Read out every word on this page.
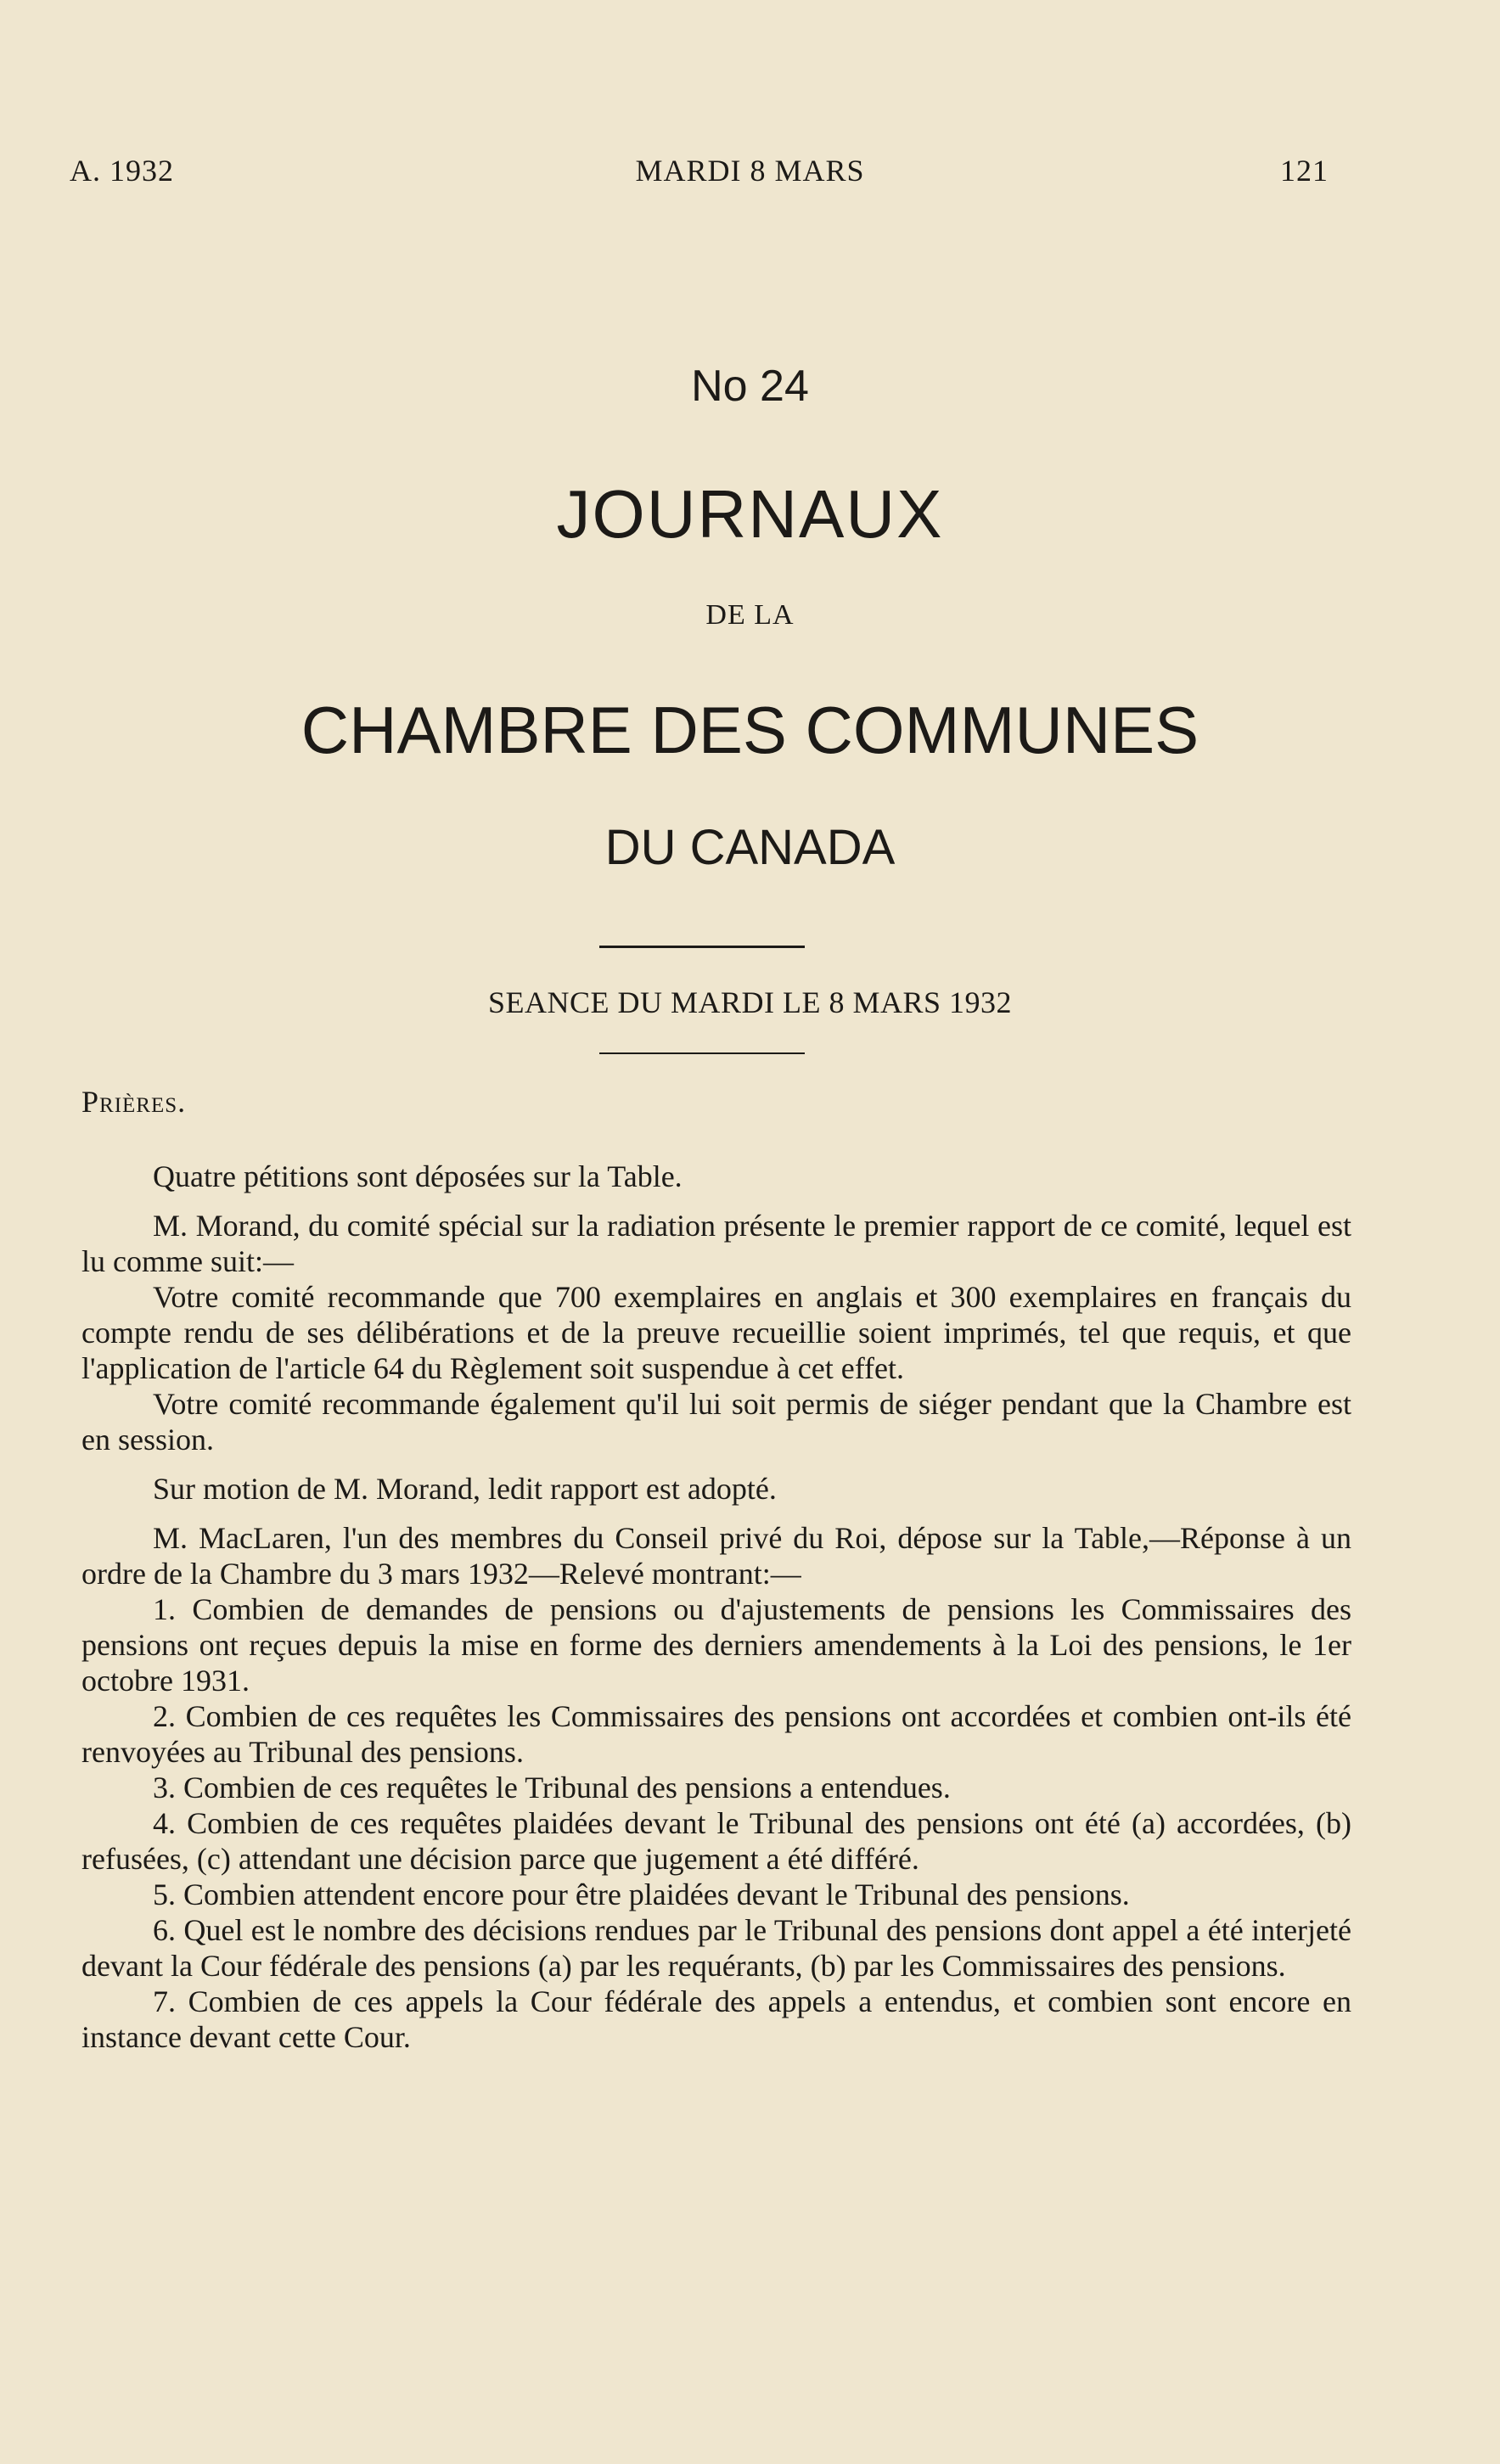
A. 1932	MARDI 8 MARS	121
No 24
JOURNAUX
DE LA
CHAMBRE DES COMMUNES
DU CANADA
SEANCE DU MARDI LE 8 MARS 1932
Prières.

Quatre pétitions sont déposées sur la Table.

M. Morand, du comité spécial sur la radiation présente le premier rapport de ce comité, lequel est lu comme suit:—

Votre comité recommande que 700 exemplaires en anglais et 300 exemplaires en français du compte rendu de ses délibérations et de la preuve recueillie soient imprimés, tel que requis, et que l'application de l'article 64 du Règlement soit suspendue à cet effet.

Votre comité recommande également qu'il lui soit permis de siéger pendant que la Chambre est en session.

Sur motion de M. Morand, ledit rapport est adopté.

M. MacLaren, l'un des membres du Conseil privé du Roi, dépose sur la Table,—Réponse à un ordre de la Chambre du 3 mars 1932—Relevé montrant:—

1. Combien de demandes de pensions ou d'ajustements de pensions les Commissaires des pensions ont reçues depuis la mise en forme des derniers amendements à la Loi des pensions, le 1er octobre 1931.

2. Combien de ces requêtes les Commissaires des pensions ont accordées et combien ont-ils été renvoyées au Tribunal des pensions.

3. Combien de ces requêtes le Tribunal des pensions a entendues.

4. Combien de ces requêtes plaidées devant le Tribunal des pensions ont été (a) accordées, (b) refusées, (c) attendant une décision parce que jugement a été différé.

5. Combien attendent encore pour être plaidées devant le Tribunal des pensions.

6. Quel est le nombre des décisions rendues par le Tribunal des pensions dont appel a été interjeté devant la Cour fédérale des pensions (a) par les requérants, (b) par les Commissaires des pensions.

7. Combien de ces appels la Cour fédérale des appels a entendus, et combien sont encore en instance devant cette Cour.
